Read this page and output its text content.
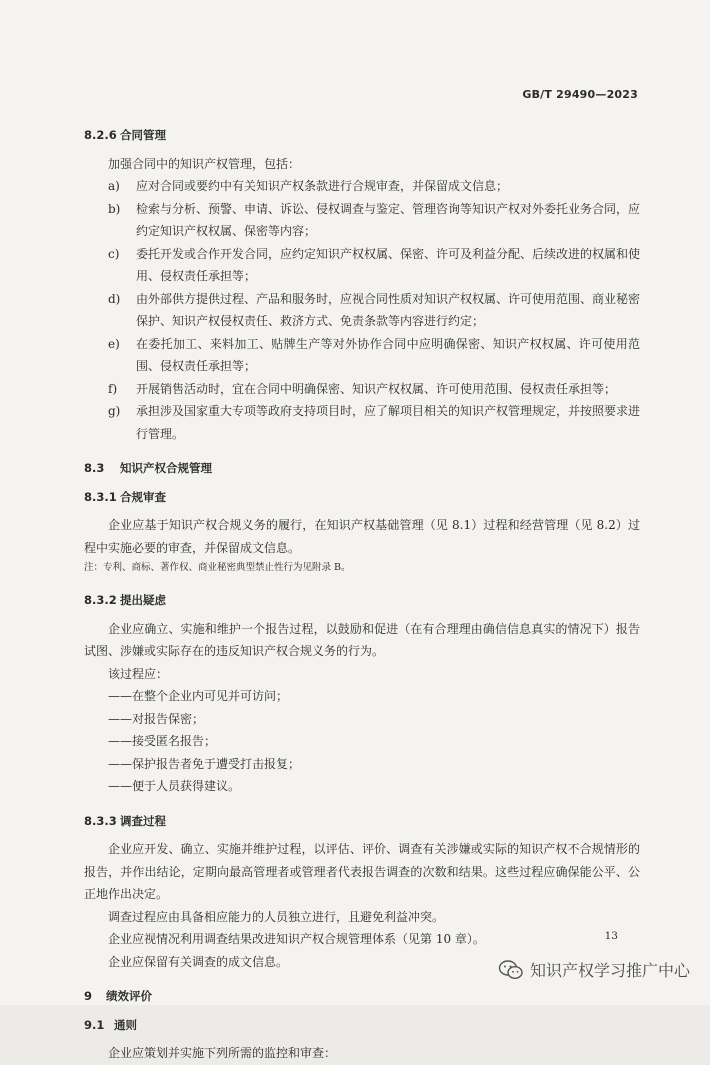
GB/T 29490—2023
8.2.6 合同管理

加强合同中的知识产权管理，包括：

a) 应对合同或要约中有关知识产权条款进行合规审查，并保留成文信息；
b) 检索与分析、预警、申请、诉讼、侵权调查与鉴定、管理咨询等知识产权对外委托业务合同，应约定知识产权权属、保密等内容；
c) 委托开发或合作开发合同，应约定知识产权权属、保密、许可及利益分配、后续改进的权属和使用、侵权责任承担等；
d) 由外部供方提供过程、产品和服务时，应视合同性质对知识产权权属、许可使用范围、商业秘密保护、知识产权侵权责任、救济方式、免责条款等内容进行约定；
e) 在委托加工、来料加工、贴牌生产等对外协作合同中应明确保密、知识产权权属、许可使用范围、侵权责任承担等；
f) 开展销售活动时，宜在合同中明确保密、知识产权权属、许可使用范围、侵权责任承担等；
g) 承担涉及国家重大专项等政府支持项目时，应了解项目相关的知识产权管理规定，并按照要求进行管理。
8.3 知识产权合规管理
8.3.1 合规审查

企业应基于知识产权合规义务的履行，在知识产权基础管理（见 8.1）过程和经营管理（见 8.2）过程中实施必要的审查，并保留成文信息。

注：专利、商标、著作权、商业秘密典型禁止性行为见附录 B。

8.3.2 提出疑虑

企业应确立、实施和维护一个报告过程，以鼓励和促进（在有合理理由确信信息真实的情况下）报告试图、涉嫌或实际存在的违反知识产权合规义务的行为。

该过程应：

——在整个企业内可见并可访问；

——对报告保密；

——接受匿名报告；

——保护报告者免于遭受打击报复；

——便于人员获得建议。

8.3.3 调查过程

企业应开发、确立、实施并维护过程，以评估、评价、调查有关涉嫌或实际的知识产权不合规情形的报告，并作出结论，定期向最高管理者或管理者代表报告调查的次数和结果。这些过程应确保能公平、公正地作出决定。

调查过程应由具备相应能力的人员独立进行，且避免利益冲突。

企业应视情况利用调查结果改进知识产权合规管理体系（见第 10 章）。

企业应保留有关调查的成文信息。

9 绩效评价
9.1 通则

企业应策划并实施下列所需的监控和审查：

13
知识产权学习推广中心
